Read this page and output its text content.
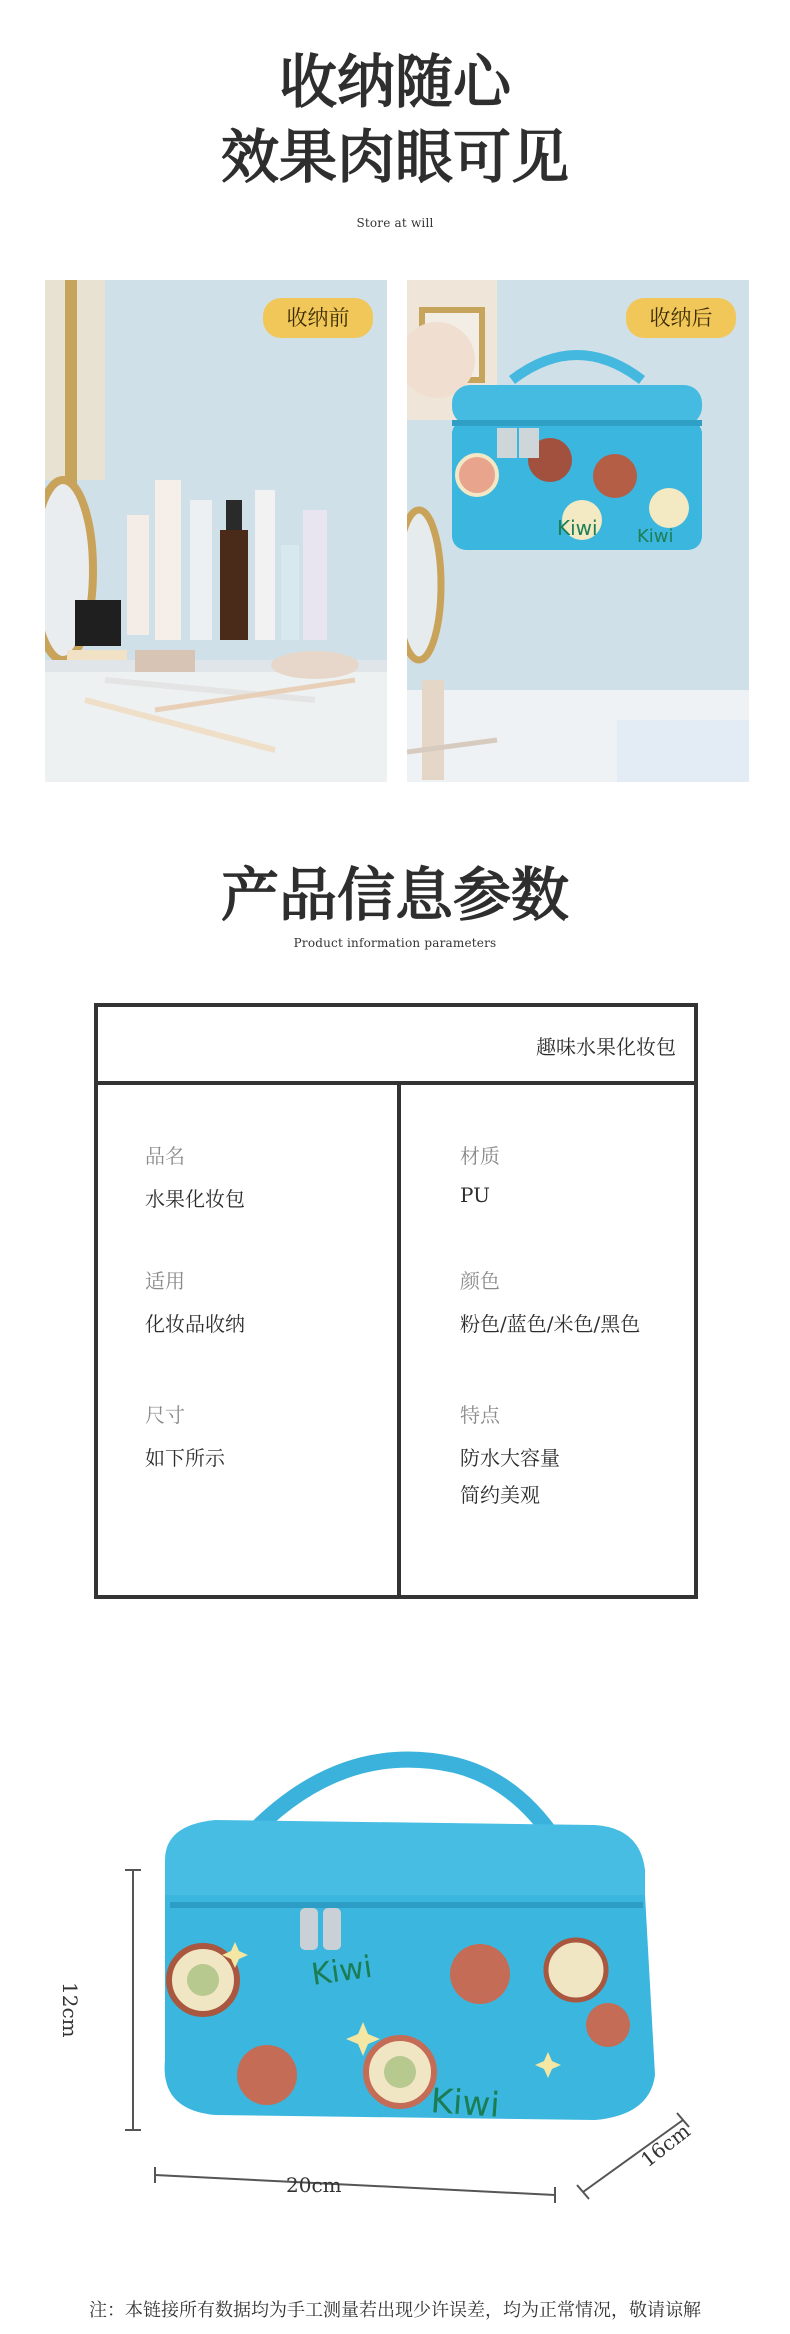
收纳随心
效果肉眼可见
Store at will
收纳前
Kiwi Kiwi
收纳后
产品信息参数
Product information parameters
趣味水果化妆包
品名
水果化妆包
适用
化妆品收纳
尺寸
如下所示
材质
PU
颜色
粉色/蓝色/米色/黑色
特点
防水大容量
简约美观
Kiwi
Kiwi
12cm
20cm
16cm
注：本链接所有数据均为手工测量若出现少许误差，均为正常情况，敬请谅解
